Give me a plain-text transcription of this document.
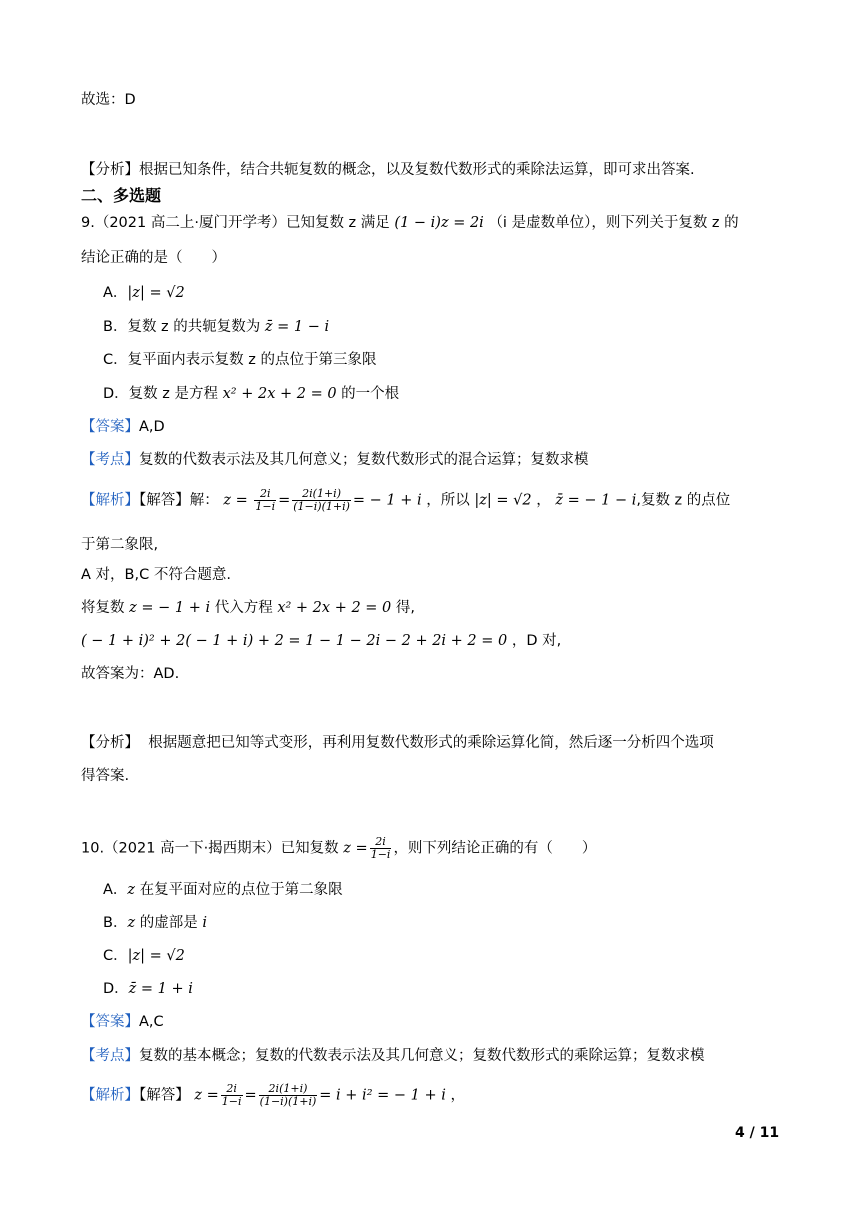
故选：D
【分析】根据已知条件，结合共轭复数的概念，以及复数代数形式的乘除法运算，即可求出答案.
二、多选题
9.（2021 高二上·厦门开学考）已知复数 z 满足 (1 − i)z = 2i （i 是虚数单位），则下列关于复数 z 的
结论正确的是（　　）
A．|z| = √2
B．复数 z 的共轭复数为 z̄ = 1 − i
C．复平面内表示复数 z 的点位于第三象限
D．复数 z 是方程 x² + 2x + 2 = 0 的一个根
【答案】A,D
【考点】复数的代数表示法及其几何意义；复数代数形式的混合运算；复数求模
【解析】【解答】解： $z = \frac{2i}{1-i} = \frac{2i(1+i)}{(1-i)(1+i)}$ = − 1 + i ，所以 |z| = √2 ， z̄ = − 1 − i,复数 z 的点位
于第二象限,
A 对，B,C 不符合题意.
将复数 z = − 1 + i 代入方程 x² + 2x + 2 = 0 得,
( − 1 + i)² + 2( − 1 + i) + 2 = 1 − 1 − 2i − 2 + 2i + 2 = 0 ，D 对,
故答案为：AD.
【分析】 根据题意把已知等式变形，再利用复数代数形式的乘除运算化简，然后逐一分析四个选项
得答案.
10.（2021 高一下·揭西期末）已知复数 $z = \frac{2i}{1-i}$ ，则下列结论正确的有（　　）
A．z 在复平面对应的点位于第二象限
B．z 的虚部是 i
C．|z| = √2
D．z̄ = 1 + i
【答案】A,C
【考点】复数的基本概念；复数的代数表示法及其几何意义；复数代数形式的乘除运算；复数求模
【解析】【解答】 $z = \frac{2i}{1-i} = \frac{2i(1+i)}{(1-i)(1+i)} = i + i^2$ = − 1 + i ，
4 / 11
